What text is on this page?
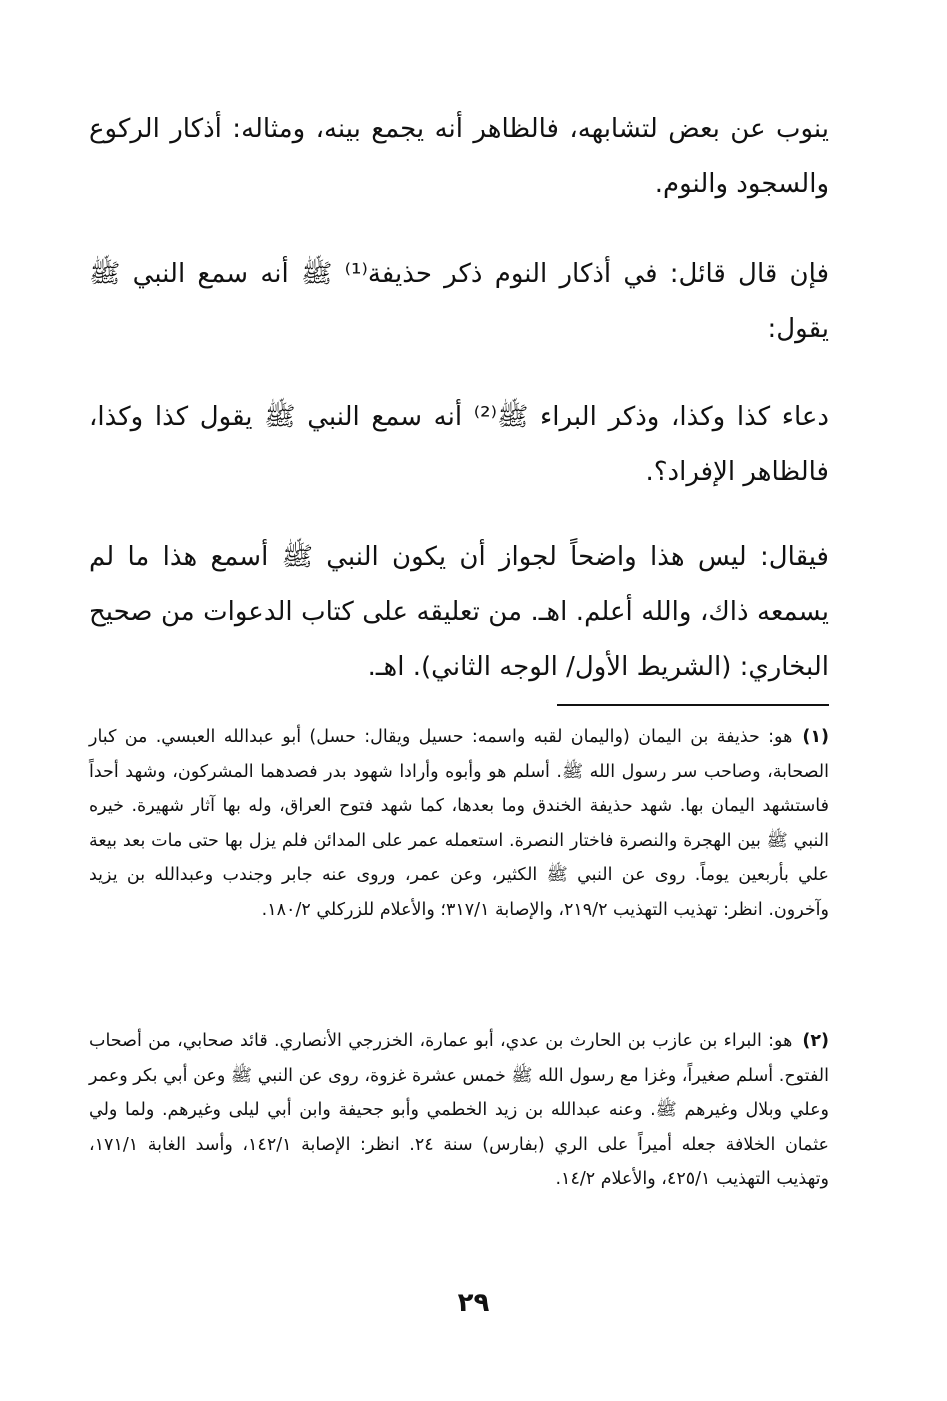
ينوب عن بعض لتشابهه، فالظاهر أنه يجمع بينه، ومثاله: أذكار الركوع والسجود والنوم.

فإن قال قائل: في أذكار النوم ذكر حذيفة⁽¹⁾ ﷺ أنه سمع النبي ﷺ يقول:

دعاء كذا وكذا، وذكر البراء ﷺ⁽²⁾ أنه سمع النبي ﷺ يقول كذا وكذا، فالظاهر الإفراد؟.

فيقال: ليس هذا واضحاً لجواز أن يكون النبي ﷺ أسمع هذا ما لم يسمعه ذاك، والله أعلم. اهـ. من تعليقه على كتاب الدعوات من صحيح البخاري: (الشريط الأول/ الوجه الثاني). اهـ.

(١)هو: حذيفة بن اليمان (واليمان لقبه واسمه: حسيل ويقال: حسل) أبو عبدالله العبسي. من كبار الصحابة، وصاحب سر رسول الله ﷺ. أسلم هو وأبوه وأرادا شهود بدر فصدهما المشركون، وشهد أحداً فاستشهد اليمان بها. شهد حذيفة الخندق وما بعدها، كما شهد فتوح العراق، وله بها آثار شهيرة. خيره النبي ﷺ بين الهجرة والنصرة فاختار النصرة. استعمله عمر على المدائن فلم يزل بها حتى مات بعد بيعة علي بأربعين يوماً. روى عن النبي ﷺ الكثير، وعن عمر، وروى عنه جابر وجندب وعبدالله بن يزيد وآخرون. انظر: تهذيب التهذيب ٢١٩/٢، والإصابة ٣١٧/١؛ والأعلام للزركلي ١٨٠/٢.
(٢)هو: البراء بن عازب بن الحارث بن عدي، أبو عمارة، الخزرجي الأنصاري. قائد صحابي، من أصحاب الفتوح. أسلم صغيراً، وغزا مع رسول الله ﷺ خمس عشرة غزوة، روى عن النبي ﷺ وعن أبي بكر وعمر وعلي وبلال وغيرهم ﷺ. وعنه عبدالله بن زيد الخطمي وأبو جحيفة وابن أبي ليلى وغيرهم. ولما ولي عثمان الخلافة جعله أميراً على الري (بفارس) سنة ٢٤. انظر: الإصابة ١٤٢/١، وأسد الغابة ١٧١/١، وتهذيب التهذيب ٤٢٥/١، والأعلام ١٤/٢.
٢٩
